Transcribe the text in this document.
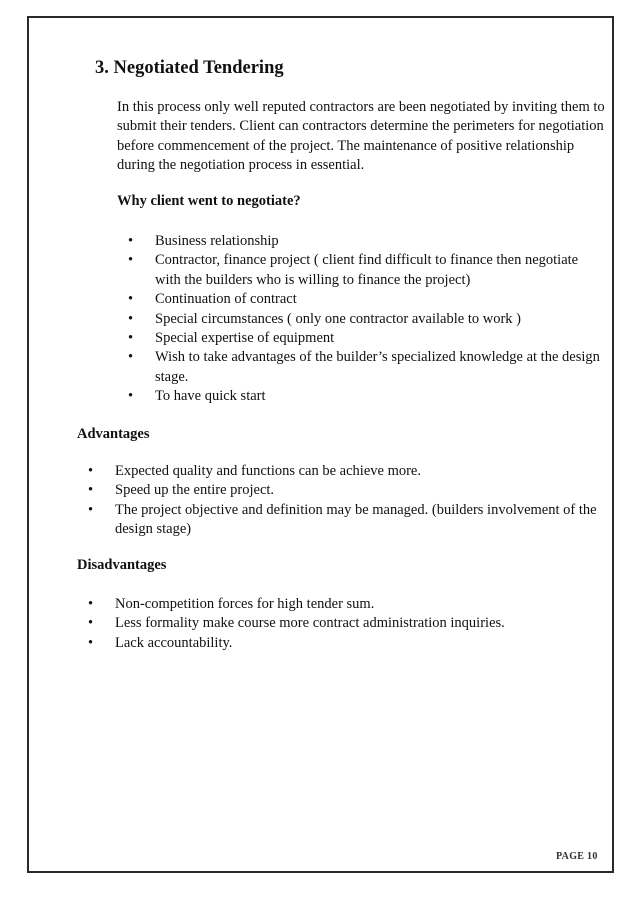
3. Negotiated Tendering

In this process only well reputed contractors are been negotiated by inviting them to submit their tenders. Client can contractors determine the perimeters for negotiation before commencement of the project. The maintenance of positive relationship during the negotiation process in essential.

Why client went to negotiate?

• Business relationship
• Contractor, finance project ( client find difficult to finance then negotiate with the builders who is willing to finance the project)
• Continuation of contract
• Special circumstances ( only one contractor available to work )
• Special expertise of equipment
• Wish to take advantages of the builder’s specialized knowledge at the design stage.
• To have quick start

Advantages

• Expected quality and functions can be achieve more.
• Speed up the entire project.
• The project objective and definition may be managed. (builders involvement of the design stage)

Disadvantages

• Non-competition forces for high tender sum.
• Less formality make course more contract administration inquiries.
• Lack accountability.
PAGE 10
